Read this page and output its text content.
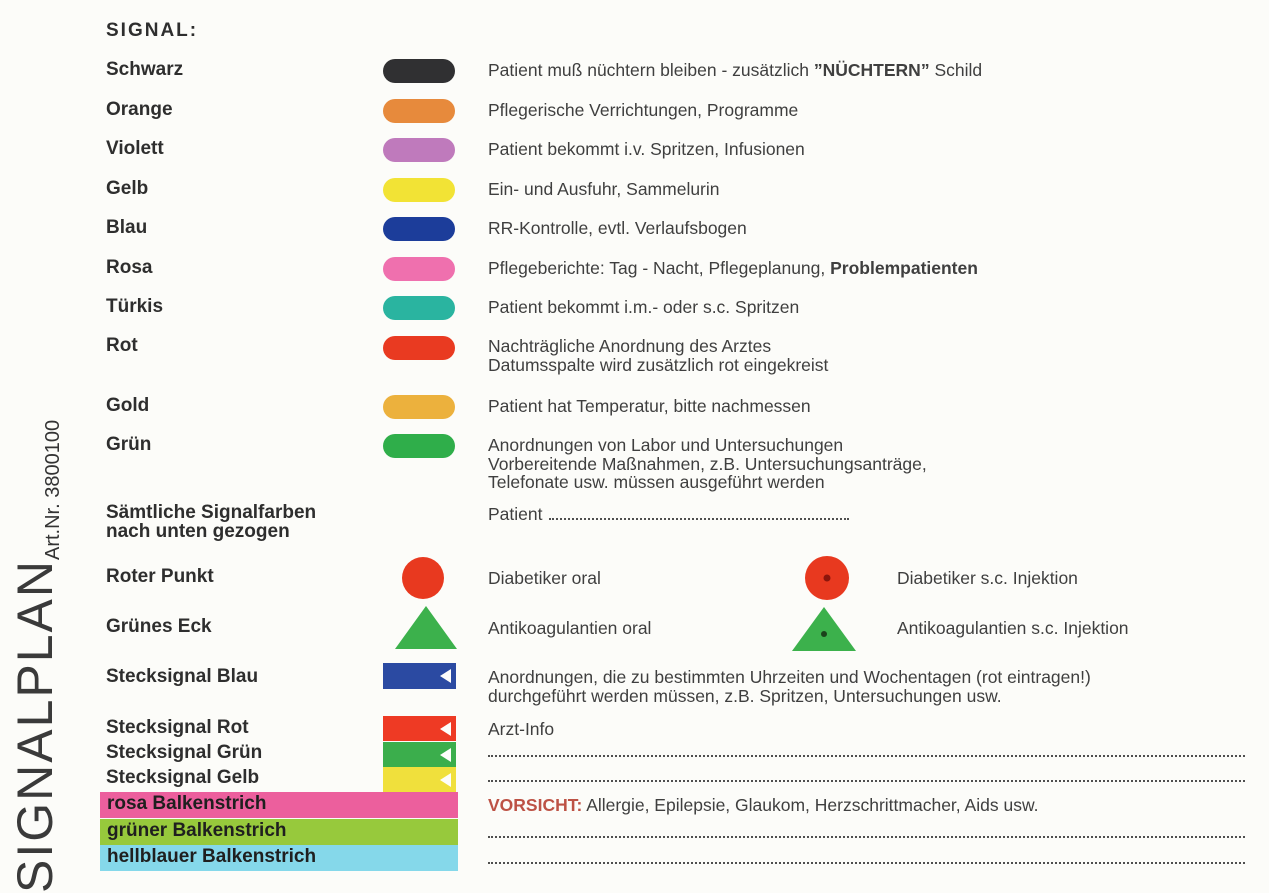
Art.Nr. 3800100
SIGNALPLAN
SIGNAL:
Schwarz	Patient muß nüchtern bleiben - zusätzlich ”NÜCHTERN” Schild
Orange	Pflegerische Verrichtungen, Programme
Violett	Patient bekommt i.v. Spritzen, Infusionen
Gelb	Ein- und Ausfuhr, Sammelurin
Blau	RR-Kontrolle, evtl. Verlaufsbogen
Rosa	Pflegeberichte: Tag - Nacht, Pflegeplanung, Problempatienten
Türkis	Patient bekommt i.m.- oder s.c. Spritzen
Rot	Nachträgliche Anordnung des Arztes
Datumsspalte wird zusätzlich rot eingekreist
Gold	Patient hat Temperatur, bitte nachmessen
Grün	Anordnungen von Labor und Untersuchungen
Vorbereitende Maßnahmen, z.B. Untersuchungsanträge,
Telefonate usw. müssen ausgeführt werden
Sämtliche Signalfarben
nach unten gezogen
Patient
Roter Punkt	Diabetiker oral	Diabetiker s.c. Injektion
Grünes Eck	Antikoagulantien oral	Antikoagulantien s.c. Injektion
Stecksignal Blau	Anordnungen, die zu bestimmten Uhrzeiten und Wochentagen (rot eintragen!)
durchgeführt werden müssen, z.B. Spritzen, Untersuchungen usw.
Stecksignal Rot	Arzt-Info
Stecksignal Grün
Stecksignal Gelb
rosa Balkenstrich	VORSICHT: Allergie, Epilepsie, Glaukom, Herzschrittmacher, Aids usw.
grüner Balkenstrich
hellblauer Balkenstrich
